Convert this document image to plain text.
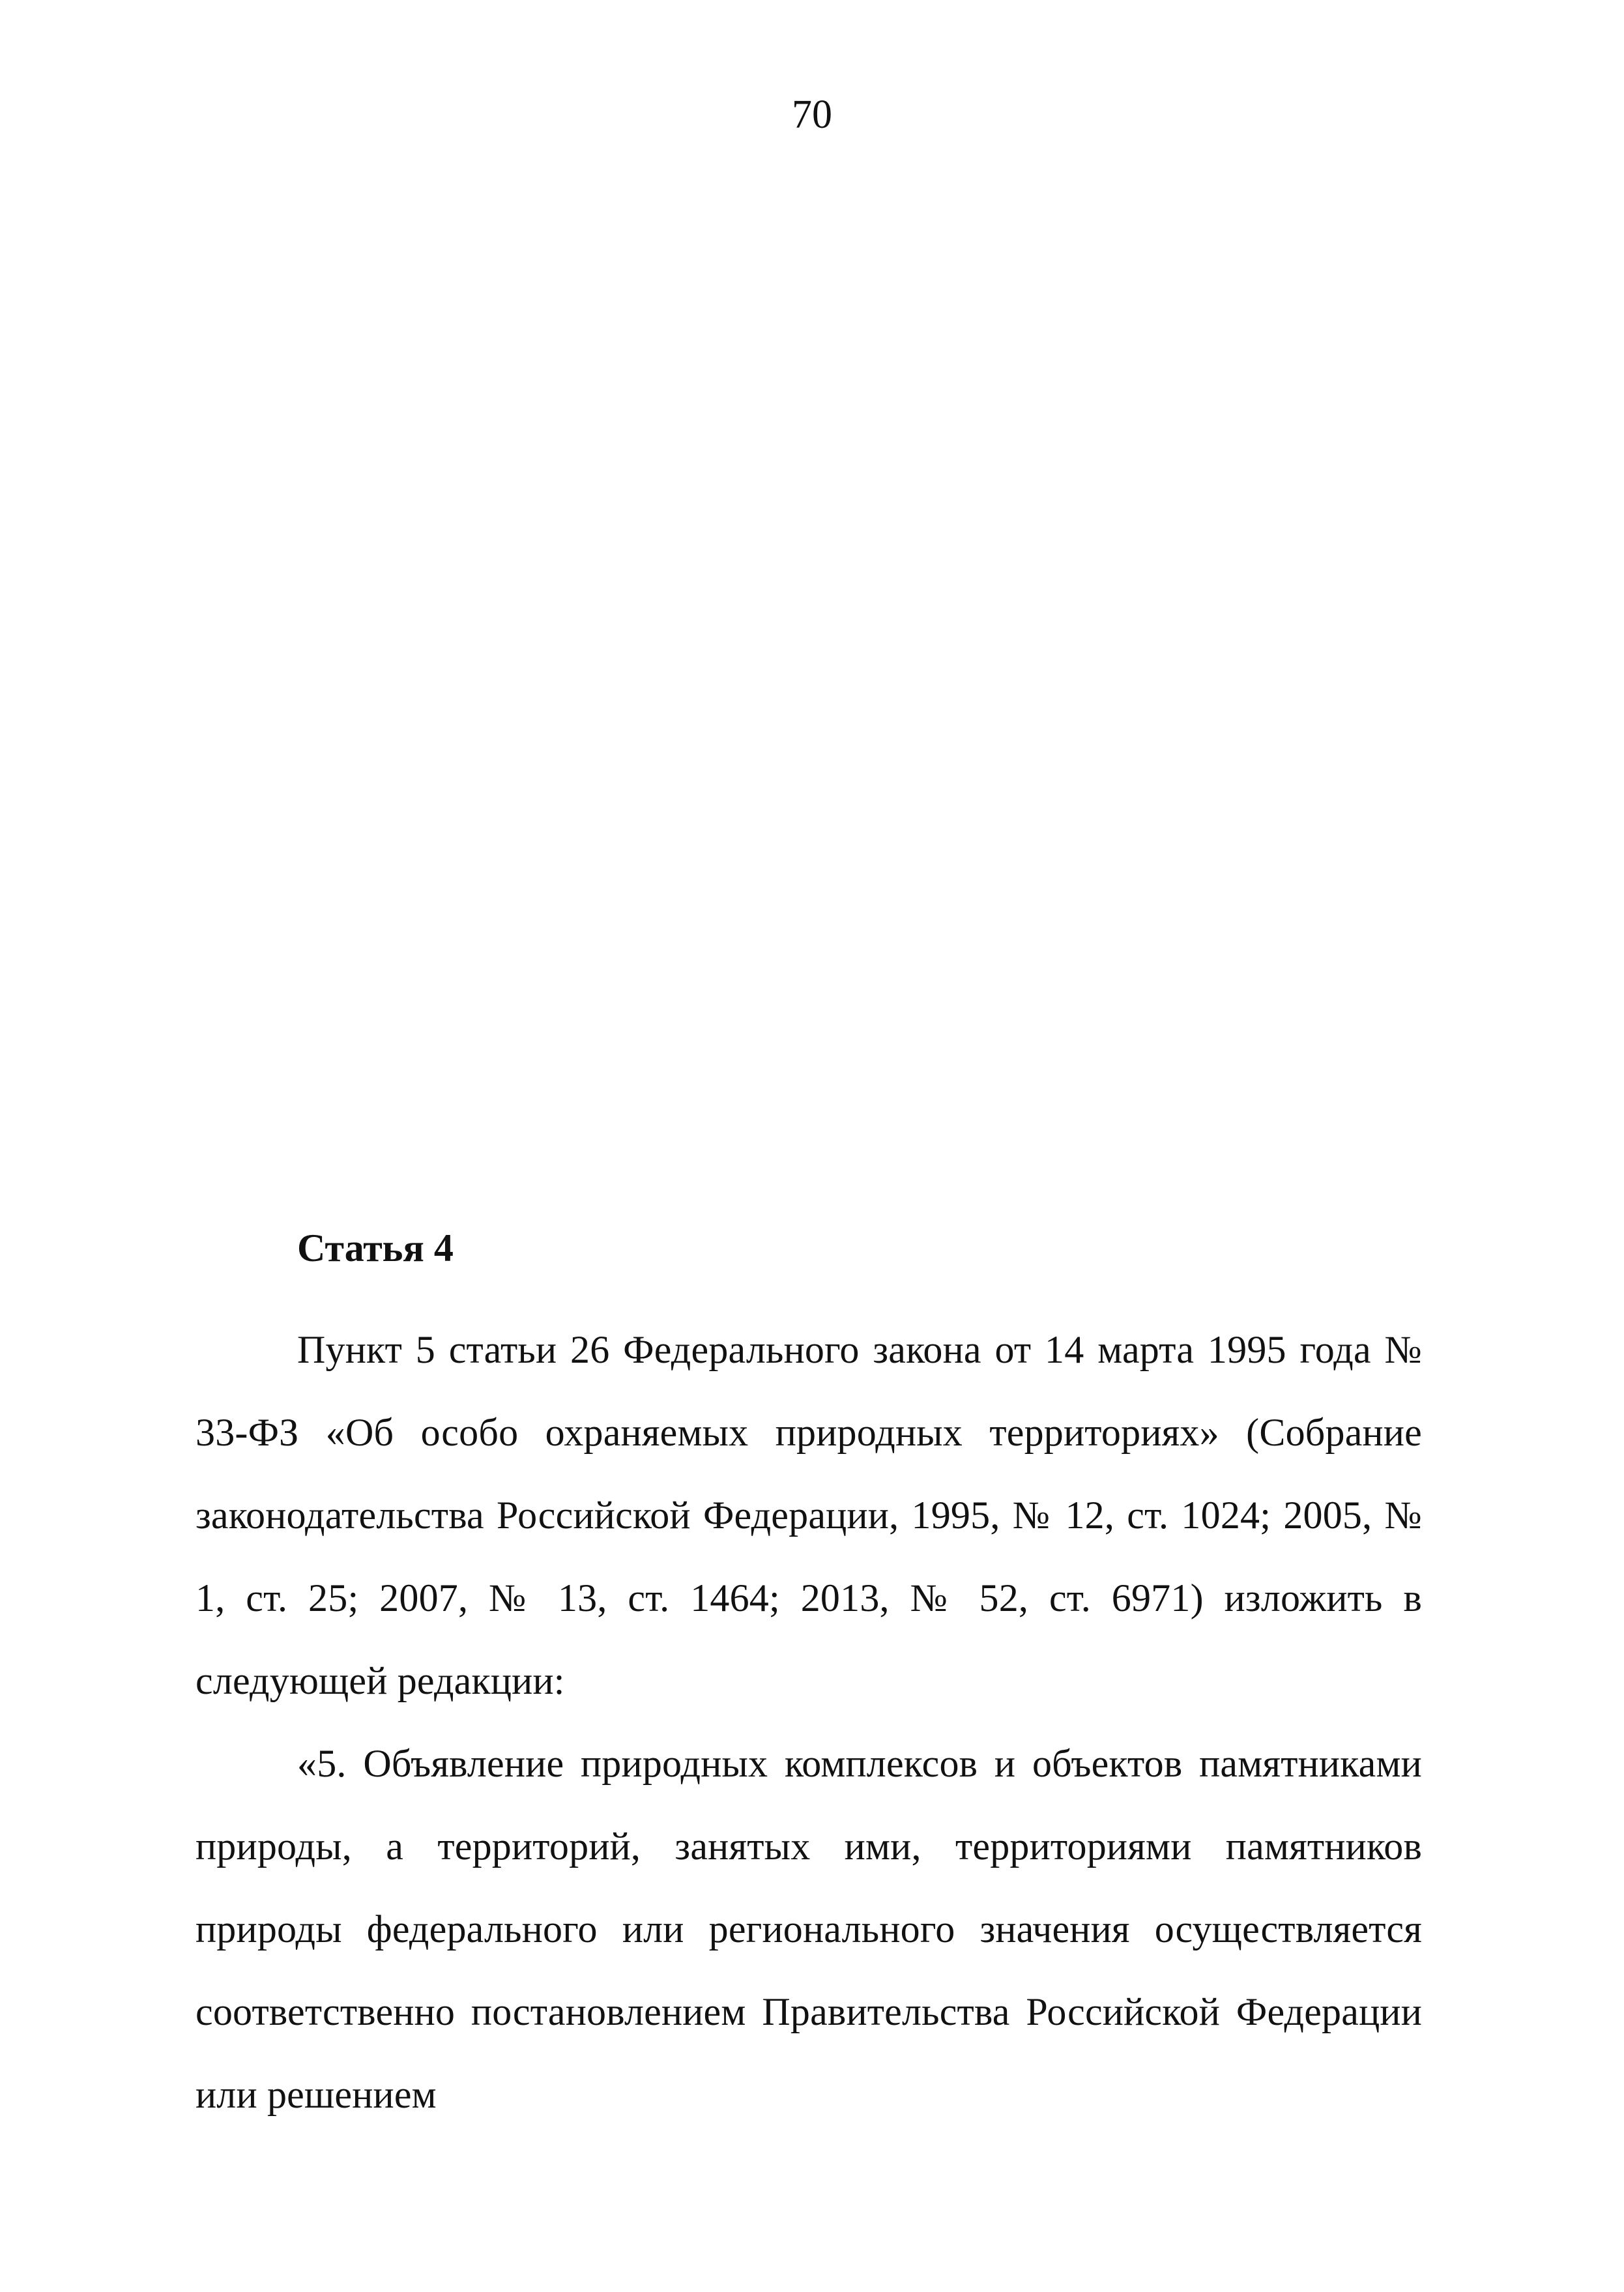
70
Статья 4

Пункт 5 статьи 26 Федерального закона от 14 марта 1995 года № 33-ФЗ «Об особо охраняемых природных территориях» (Собрание законодательства Российской Федерации, 1995, № 12, ст. 1024; 2005, № 1, ст. 25; 2007, № 13, ст. 1464; 2013, № 52, ст. 6971) изложить в следующей редакции:

«5. Объявление природных комплексов и объектов памятниками природы, а территорий, занятых ими, территориями памятников природы федерального или регионального значения осуществляется соответственно постановлением Правительства Российской Федерации или решением
